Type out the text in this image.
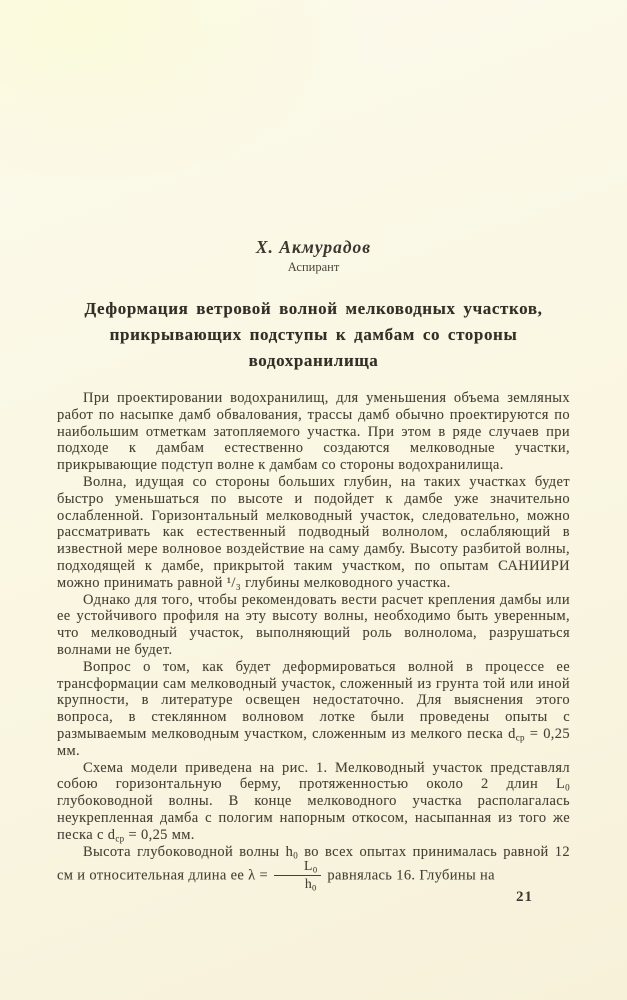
Х. Акмурадов
Аспирант
Деформация ветровой волной мелководных участков, прикрывающих подступы к дамбам со стороны водохранилища

При проектировании водохранилищ, для уменьшения объема земляных работ по насыпке дамб обвалования, трассы дамб обычно проектируются по наибольшим отметкам затопляемого участка. При этом в ряде случаев при подходе к дамбам естественно создаются мелководные участки, прикрывающие подступ волне к дамбам со стороны водохранилища.

Волна, идущая со стороны больших глубин, на таких участках будет быстро уменьшаться по высоте и подойдет к дамбе уже значительно ослабленной. Горизонтальный мелководный участок, следовательно, можно рассматривать как естественный подводный волнолом, ослабляющий в известной мере волновое воздействие на саму дамбу. Высоту разбитой волны, подходящей к дамбе, прикрытой таким участком, по опытам САНИИРИ можно принимать равной ¹/₃ глубины мелководного участка.

Однако для того, чтобы рекомендовать вести расчет крепления дамбы или ее устойчивого профиля на эту высоту волны, необходимо быть уверенным, что мелководный участок, выполняющий роль волнолома, разрушаться волнами не будет.

Вопрос о том, как будет деформироваться волной в процессе ее трансформации сам мелководный участок, сложенный из грунта той или иной крупности, в литературе освещен недостаточно. Для выяснения этого вопроса, в стеклянном волновом лотке были проведены опыты с размываемым мелководным участком, сложенным из мелкого песка $d_{ср} = 0,25$ мм.

Схема модели приведена на рис. 1. Мелководный участок представлял собою горизонтальную берму, протяженностью около 2 длин $L_0$ глубоководной волны. В конце мелководного участка располагалась неукрепленная дамба с пологим напорным откосом, насыпанная из того же песка с $d_{ср} = 0,25$ мм.

Высота глубоководной волны $h_0$ во всех опытах принималась равной 12 см и относительная длина ее $\lambda = \frac{L_0}{h_0}$ равнялась 16. Глубины на

21
